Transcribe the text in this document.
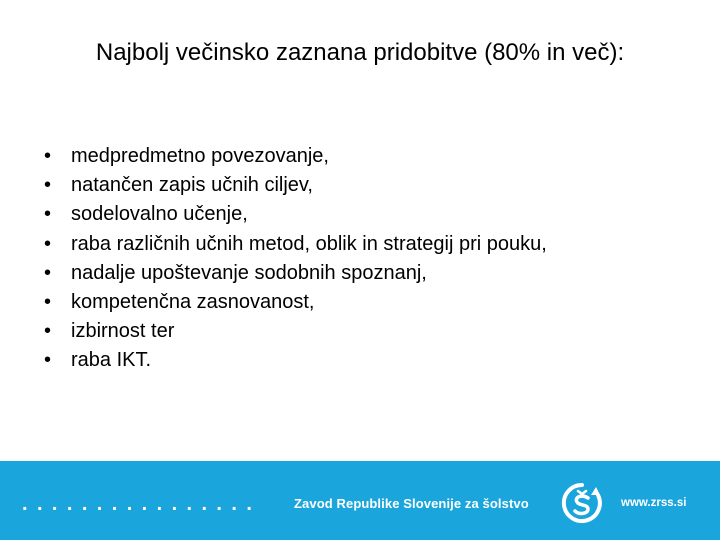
Najbolj večinsko zaznana pridobitve (80% in več):
• medpredmetno povezovanje,
• natančen zapis učnih ciljev,
• sodelovalno učenje,
• raba različnih učnih metod, oblik in strategij pri pouku,
• nadalje upoštevanje sodobnih spoznanj,
• kompetenčna zasnovanost,
• izbirnost ter
• raba IKT.
................	Zavod Republike Slovenije za šolstvo	www.zrss.si
